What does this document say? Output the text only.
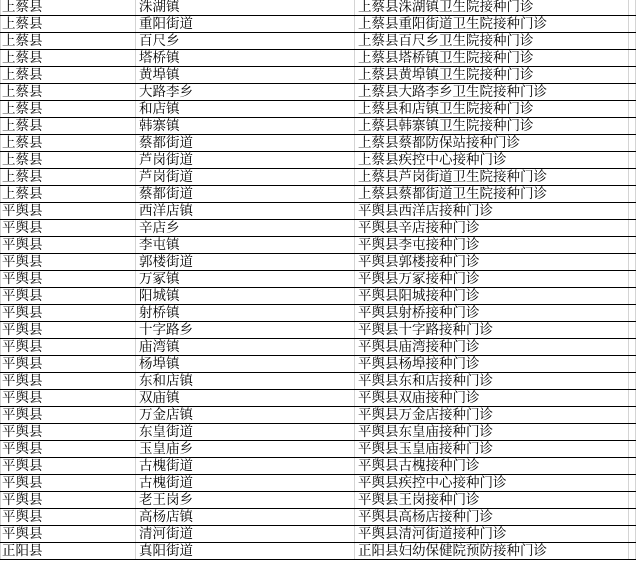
上蔡县	洙湖镇	上蔡县洙湖镇卫生院接种门诊	
上蔡县	重阳街道	上蔡县重阳街道卫生院接种门诊	
上蔡县	百尺乡	上蔡县百尺乡卫生院接种门诊	
上蔡县	塔桥镇	上蔡县塔桥镇卫生院接种门诊	
上蔡县	黄埠镇	上蔡县黄埠镇卫生院接种门诊	
上蔡县	大路李乡	上蔡县大路李乡卫生院接种门诊	
上蔡县	和店镇	上蔡县和店镇卫生院接种门诊	
上蔡县	韩寨镇	上蔡县韩寨镇卫生院接种门诊	
上蔡县	蔡都街道	上蔡县蔡都防保站接种门诊	
上蔡县	芦岗街道	上蔡县疾控中心接种门诊	
上蔡县	芦岗街道	上蔡县芦岗街道卫生院接种门诊	
上蔡县	蔡都街道	上蔡县蔡都街道卫生院接种门诊	
平舆县	西洋店镇	平舆县西洋店接种门诊	
平舆县	辛店乡	平舆县辛店接种门诊	
平舆县	李屯镇	平舆县李屯接种门诊	
平舆县	郭楼街道	平舆县郭楼接种门诊	
平舆县	万冢镇	平舆县万冢接种门诊	
平舆县	阳城镇	平舆县阳城接种门诊	
平舆县	射桥镇	平舆县射桥接种门诊	
平舆县	十字路乡	平舆县十字路接种门诊	
平舆县	庙湾镇	平舆县庙湾接种门诊	
平舆县	杨埠镇	平舆县杨埠接种门诊	
平舆县	东和店镇	平舆县东和店接种门诊	
平舆县	双庙镇	平舆县双庙接种门诊	
平舆县	万金店镇	平舆县万金店接种门诊	
平舆县	东皇街道	平舆县东皇庙接种门诊	
平舆县	玉皇庙乡	平舆县玉皇庙接种门诊	
平舆县	古槐街道	平舆县古槐接种门诊	
平舆县	古槐街道	平舆县疾控中心接种门诊	
平舆县	老王岗乡	平舆县王岗接种门诊	
平舆县	高杨店镇	平舆县高杨店接种门诊	
平舆县	清河街道	平舆县清河街道接种门诊	
正阳县	真阳街道	正阳县妇幼保健院预防接种门诊	
